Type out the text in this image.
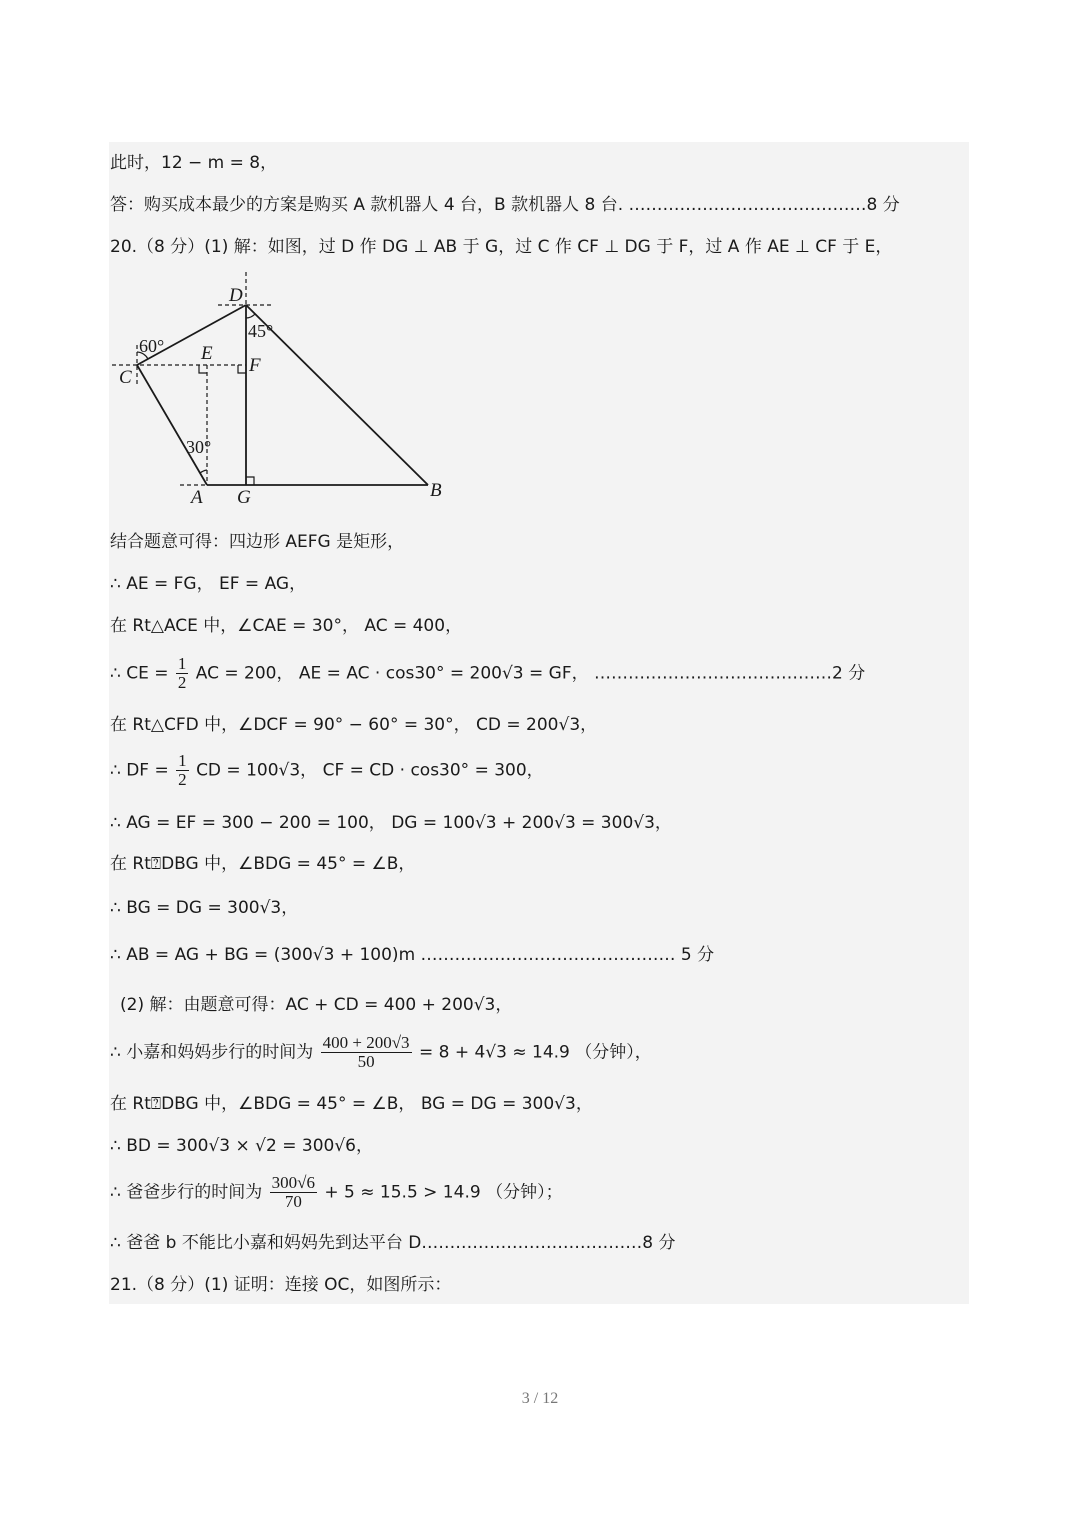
此时，12 − m = 8，
答：购买成本最少的方案是购买 A 款机器人 4 台，B 款机器人 8 台. ……………………………………8 分
20.（8 分）(1) 解：如图，过 D 作 DG ⊥ AB 于 G，过 C 作 CF ⊥ DG 于 F，过 A 作 AE ⊥ CF 于 E，
D
E
F
C
A G	B
60°
45°
30°
结合题意可得：四边形 AEFG 是矩形，
∴ AE = FG， EF = AG，
在 Rt△ACE 中，∠CAE = 30°， AC = 400，
∴ CE = $\frac{1}{2}$ AC = 200， AE = AC · cos30° = 200√3 = GF， ……………………………………2 分
在 Rt△CFD 中，∠DCF = 90° − 60° = 30°， CD = 200√3，
∴ DF = $\frac{1}{2}$ CD = 100√3， CF = CD · cos30° = 300，
∴ AG = EF = 300 − 200 = 100， DG = 100√3 + 200√3 = 300√3，
在 Rt⍰DBG 中，∠BDG = 45° = ∠B，
∴ BG = DG = 300√3，
∴ AB = AG + BG = (300√3 + 100)m ……………………………………… 5 分
(2) 解：由题意可得：AC + CD = 400 + 200√3，
∴ 小嘉和妈妈步行的时间为 $\frac{400 + 200√3}{50} = 8 + 4√3 \approx 14.9$ （分钟），
在 Rt⍰DBG 中，∠BDG = 45° = ∠B， BG = DG = 300√3，
∴ BD = 300√3 × √2 = 300√6，
∴ 爸爸步行的时间为 $\frac{300√6}{70} + 5 \approx 15.5 > 14.9$ （分钟）；
∴ 爸爸 b 不能比小嘉和妈妈先到达平台 D…………………………………8 分
21.（8 分）(1) 证明：连接 OC，如图所示：
3 / 12
